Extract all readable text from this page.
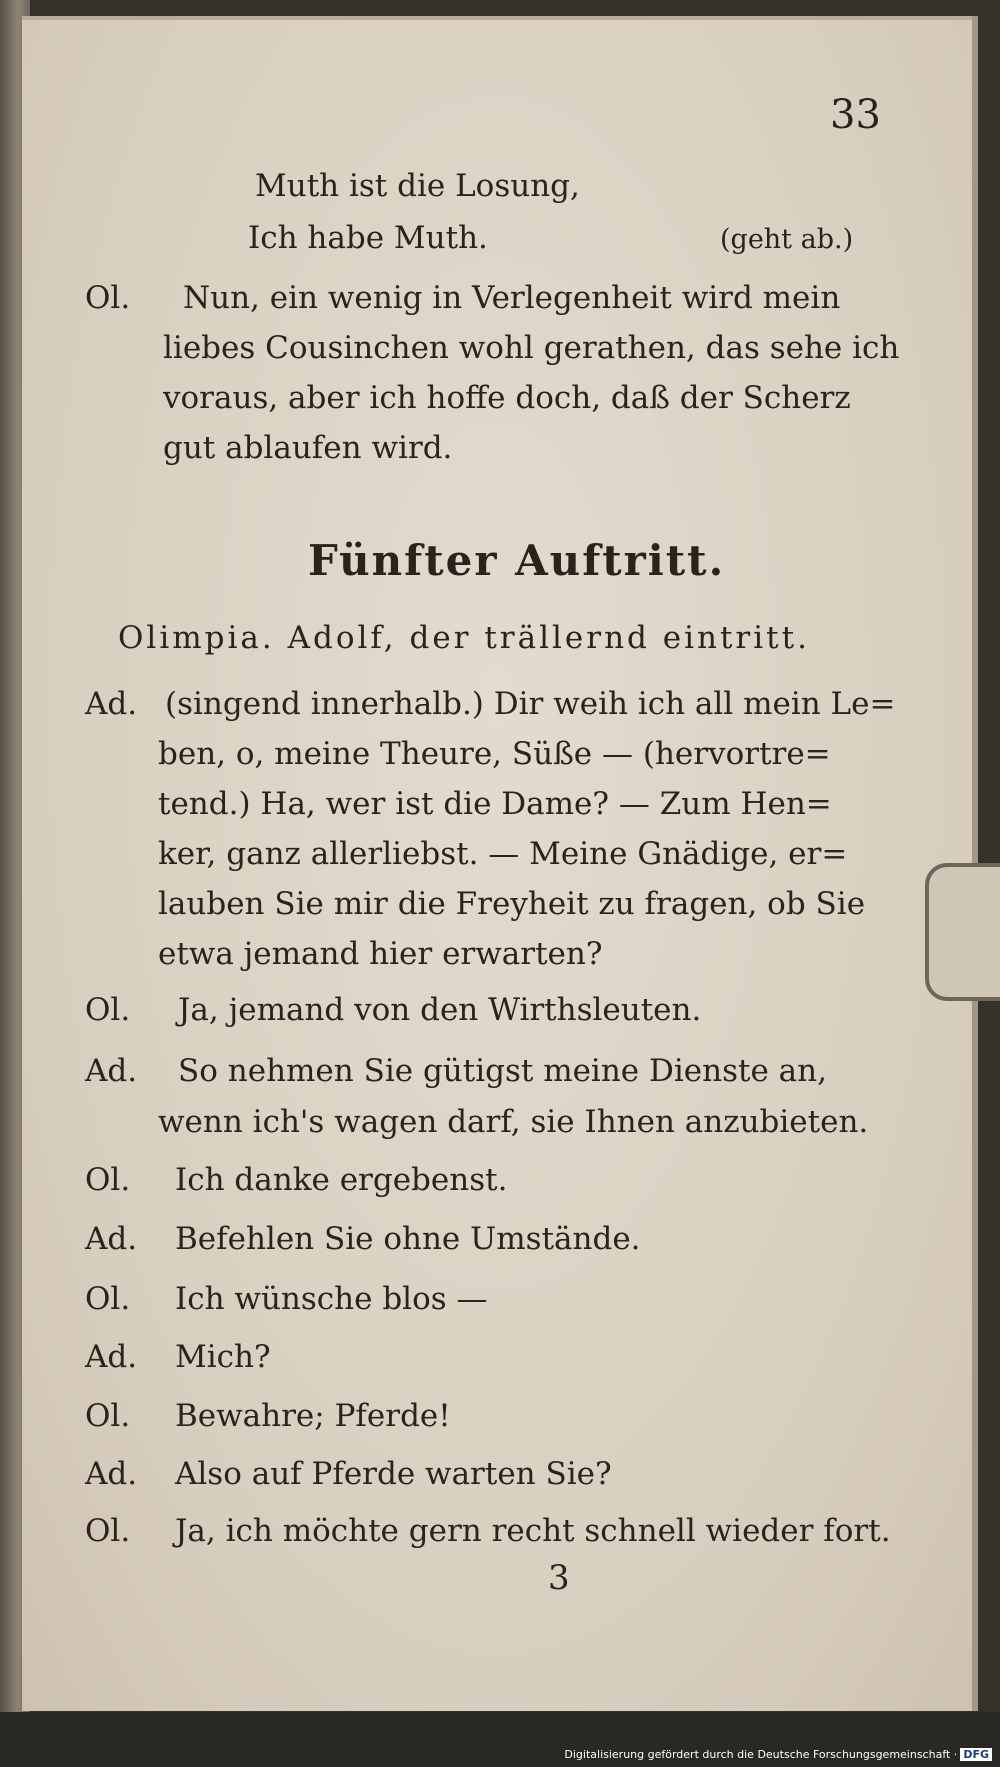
33
Muth ist die Losung,
Ich habe Muth.	(geht ab.)
Ol. Nun, ein wenig in Verlegenheit wird mein
liebes Cousinchen wohl gerathen, das sehe ich
voraus, aber ich hoffe doch, daß der Scherz
gut ablaufen wird.
Fünfter Auftritt.
Olimpia. Adolf, der trällernd eintritt.
Ad. (singend innerhalb.) Dir weih ich all mein Le=
ben, o, meine Theure, Süße — (hervortre=
tend.) Ha, wer ist die Dame? — Zum Hen=
ker, ganz allerliebst. — Meine Gnädige, er=
lauben Sie mir die Freyheit zu fragen, ob Sie
etwa jemand hier erwarten?
Ol. Ja, jemand von den Wirthsleuten.
Ad. So nehmen Sie gütigst meine Dienste an,
wenn ich's wagen darf, sie Ihnen anzubieten.
Ol. Ich danke ergebenst.
Ad. Befehlen Sie ohne Umstände.
Ol. Ich wünsche blos —
Ad. Mich?
Ol. Bewahre; Pferde!
Ad. Also auf Pferde warten Sie?
Ol. Ja, ich möchte gern recht schnell wieder fort.
3
Digitalisierung gefördert durch die Deutsche Forschungsgemeinschaft · DFG
